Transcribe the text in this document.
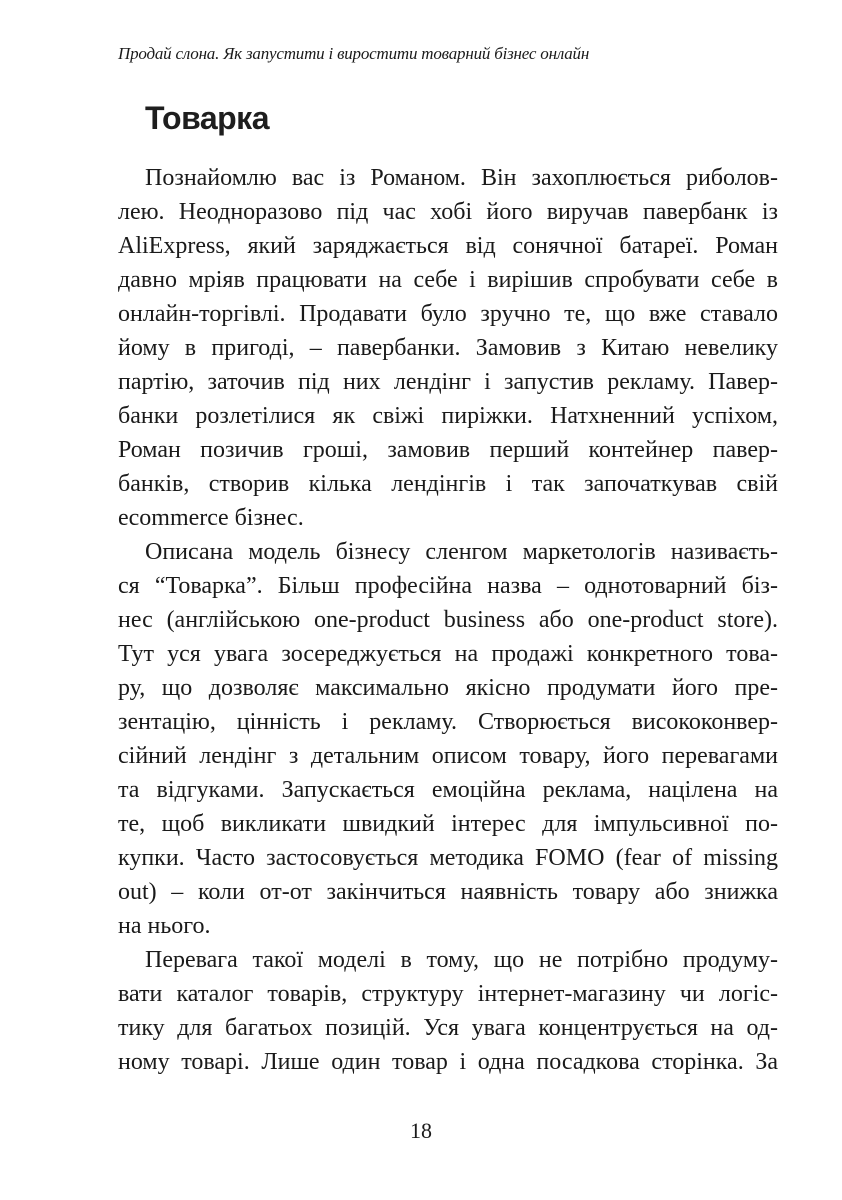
Продай слона. Як запустити і виростити товарний бізнес онлайн
Товарка
Познайомлю вас із Романом. Він захоплюється риболов-
лею. Неодноразово під час хобі його виручав павербанк із
AliExpress, який заряджається від сонячної батареї. Роман
давно мріяв працювати на себе і вирішив спробувати себе в
онлайн-торгівлі. Продавати було зручно те, що вже ставало
йому в пригоді, – павербанки. Замовив з Китаю невелику
партію, заточив під них лендінг і запустив рекламу. Павер-
банки розлетілися як свіжі пиріжки. Натхненний успіхом,
Роман позичив гроші, замовив перший контейнер павер-
банків, створив кілька лендінгів і так започаткував свій
ecommerce бізнес.
Описана модель бізнесу сленгом маркетологів називаєть-
ся “Товарка”. Більш професійна назва – однотоварний біз-
нес (англійською one-product business або one-product store).
Тут уся увага зосереджується на продажі конкретного това-
ру, що дозволяє максимально якісно продумати його пре-
зентацію, цінність і рекламу. Створюється висококонвер-
сійний лендінг з детальним описом товару, його перевагами
та відгуками. Запускається емоційна реклама, націлена на
те, щоб викликати швидкий інтерес для імпульсивної по-
купки. Часто застосовується методика FOMO (fear of missing
out) – коли от-от закінчиться наявність товару або знижка
на нього.
Перевага такої моделі в тому, що не потрібно продуму-
вати каталог товарів, структуру інтернет-магазину чи логіс-
тику для багатьох позицій. Уся увага концентрується на од-
ному товарі. Лише один товар і одна посадкова сторінка. За
18
